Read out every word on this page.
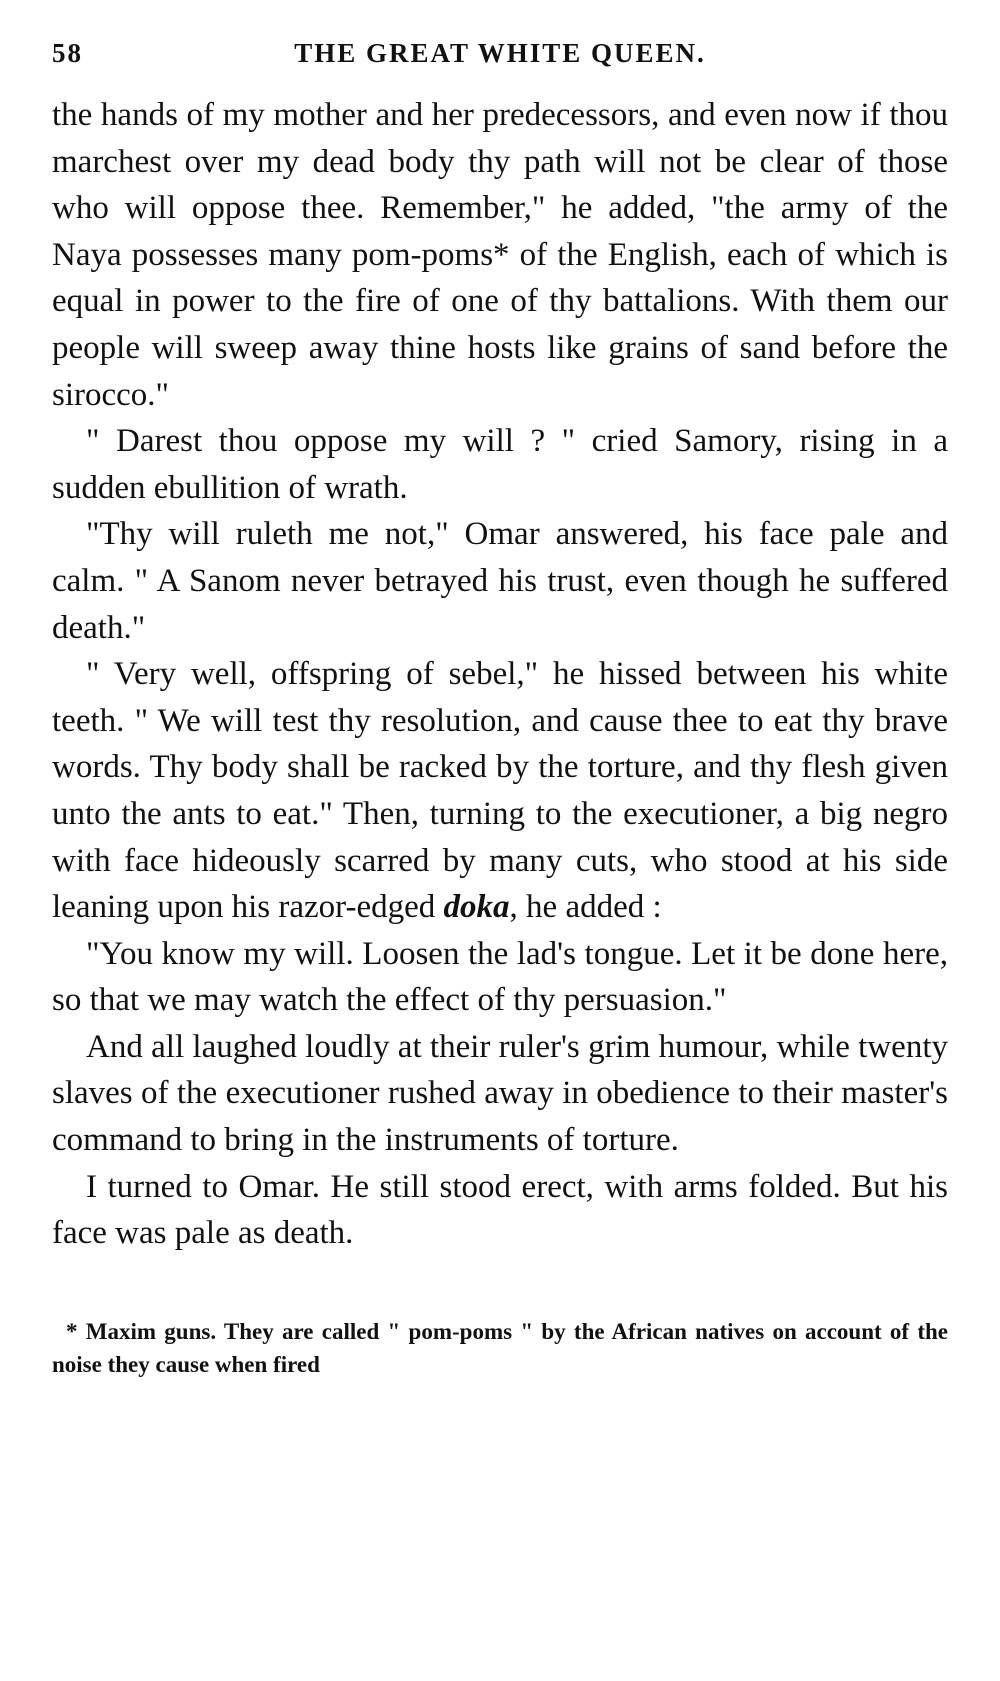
58	THE GREAT WHITE QUEEN.

the hands of my mother and her predecessors, and even now if thou marchest over my dead body thy path will not be clear of those who will oppose thee. Remember," he added, "the army of the Naya possesses many pom-poms* of the English, each of which is equal in power to the fire of one of thy battalions. With them our people will sweep away thine hosts like grains of sand before the sirocco."

" Darest thou oppose my will ? " cried Samory, rising in a sudden ebullition of wrath.

"Thy will ruleth me not," Omar answered, his face pale and calm. " A Sanom never betrayed his trust, even though he suffered death."

" Very well, offspring of sebel," he hissed between his white teeth. " We will test thy resolution, and cause thee to eat thy brave words. Thy body shall be racked by the torture, and thy flesh given unto the ants to eat." Then, turning to the executioner, a big negro with face hideously scarred by many cuts, who stood at his side leaning upon his razor-edged doka, he added :

"You know my will. Loosen the lad's tongue. Let it be done here, so that we may watch the effect of thy persuasion."

And all laughed loudly at their ruler's grim humour, while twenty slaves of the executioner rushed away in obedience to their master's command to bring in the instruments of torture.

I turned to Omar. He still stood erect, with arms folded. But his face was pale as death.

* Maxim guns. They are called " pom-poms " by the African natives on account of the noise they cause when fired
